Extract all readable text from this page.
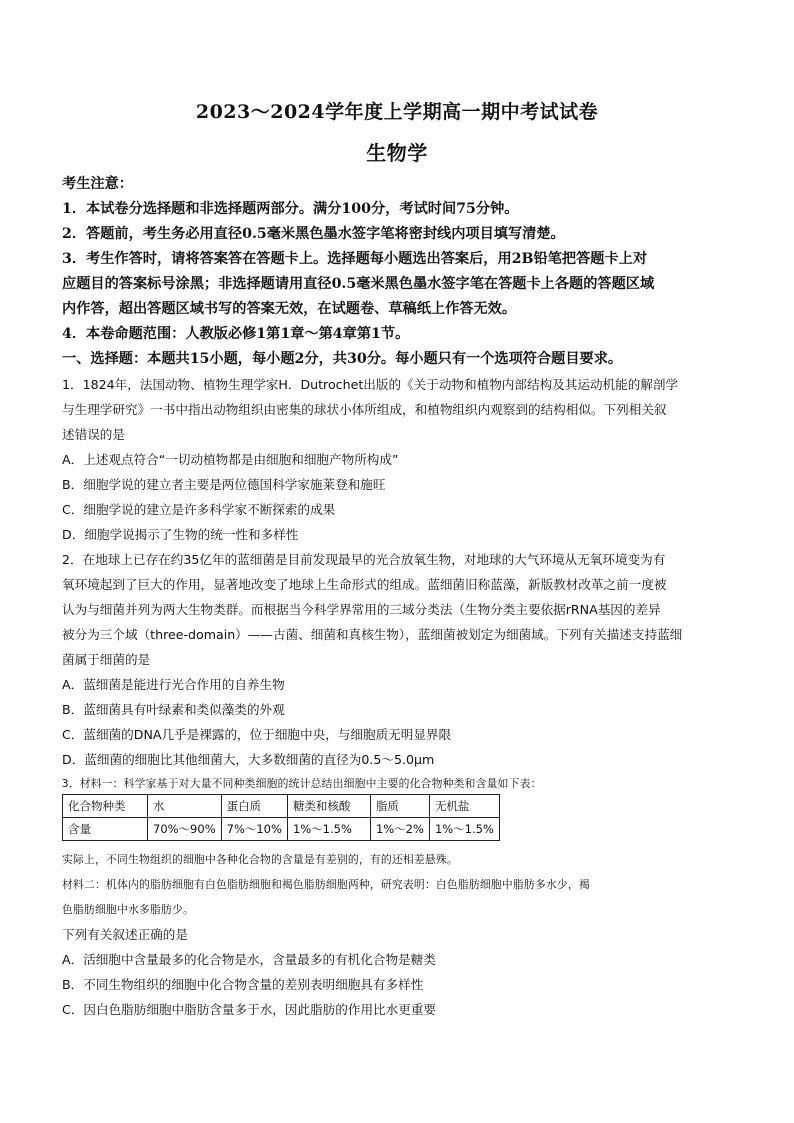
2023～2024学年度上学期高一期中考试试卷
生物学
考生注意：
1．本试卷分选择题和非选择题两部分。满分100分，考试时间75分钟。
2．答题前，考生务必用直径0.5毫米黑色墨水签字笔将密封线内项目填写清楚。
3．考生作答时，请将答案答在答题卡上。选择题每小题选出答案后，用2B铅笔把答题卡上对
应题目的答案标号涂黑；非选择题请用直径0.5毫米黑色墨水签字笔在答题卡上各题的答题区域
内作答，超出答题区域书写的答案无效，在试题卷、草稿纸上作答无效。
4．本卷命题范围：人教版必修1第1章～第4章第1节。
一、选择题：本题共15小题，每小题2分，共30分。每小题只有一个选项符合题目要求。
1．1824年，法国动物、植物生理学家H．Dutrochet出版的《关于动物和植物内部结构及其运动机能的解剖学
与生理学研究》一书中指出动物组织由密集的球状小体所组成，和植物组织内观察到的结构相似。下列相关叙
述错误的是
A．上述观点符合“一切动植物都是由细胞和细胞产物所构成”
B．细胞学说的建立者主要是两位德国科学家施莱登和施旺
C．细胞学说的建立是许多科学家不断探索的成果
D．细胞学说揭示了生物的统一性和多样性
2．在地球上已存在约35亿年的蓝细菌是目前发现最早的光合放氧生物，对地球的大气环境从无氧环境变为有
氧环境起到了巨大的作用，显著地改变了地球上生命形式的组成。蓝细菌旧称蓝藻，新版教材改革之前一度被
认为与细菌并列为两大生物类群。而根据当今科学界常用的三域分类法（生物分类主要依据rRNA基因的差异
被分为三个域（three-domain）——古菌、细菌和真核生物），蓝细菌被划定为细菌域。下列有关描述支持蓝细
菌属于细菌的是
A．蓝细菌是能进行光合作用的自养生物
B．蓝细菌具有叶绿素和类似藻类的外观
C．蓝细菌的DNA几乎是裸露的，位于细胞中央，与细胞质无明显界限
D．蓝细菌的细胞比其他细菌大，大多数细菌的直径为0.5～5.0μm
3．材料一：科学家基于对大量不同种类细胞的统计总结出细胞中主要的化合物种类和含量如下表：
化合物种类	水	蛋白质	糖类和核酸	脂质	无机盐
含量	70%～90%	7%～10%	1%～1.5%	1%～2%	1%～1.5%
实际上，不同生物组织的细胞中各种化合物的含量是有差别的，有的还相差悬殊。
材料二：机体内的脂肪细胞有白色脂肪细胞和褐色脂肪细胞两种，研究表明：白色脂肪细胞中脂肪多水少，褐
色脂肪细胞中水多脂肪少。
下列有关叙述正确的是
A．活细胞中含量最多的化合物是水，含量最多的有机化合物是糖类
B．不同生物组织的细胞中化合物含量的差别表明细胞具有多样性
C．因白色脂肪细胞中脂肪含量多于水，因此脂肪的作用比水更重要
